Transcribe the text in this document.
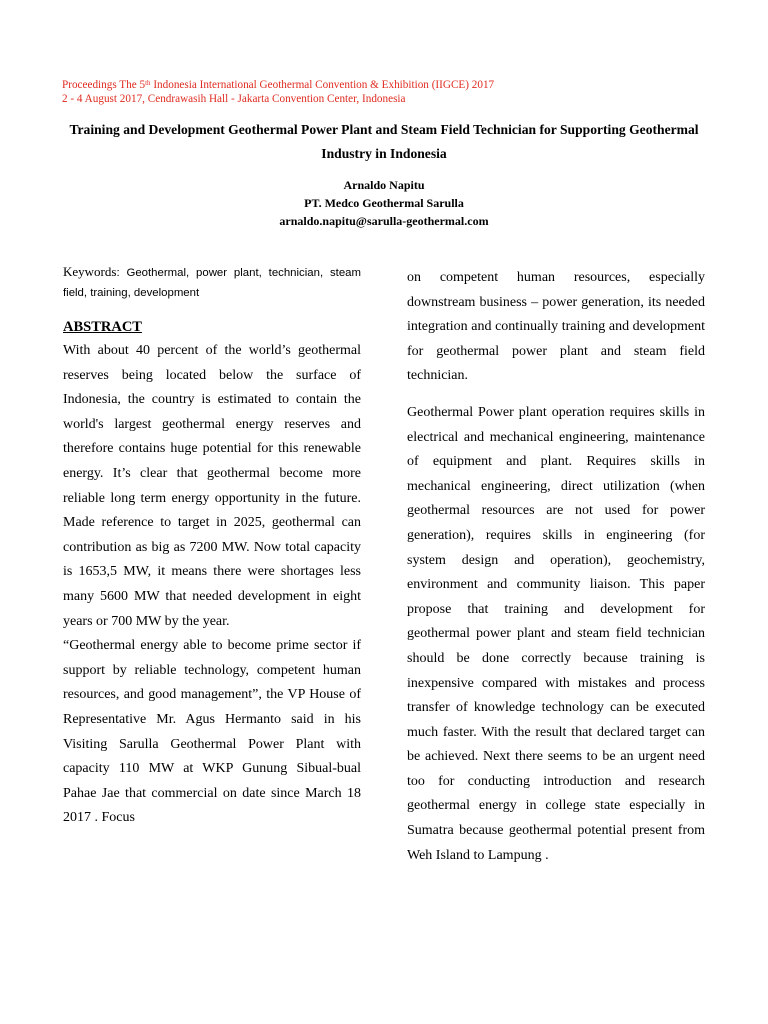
Proceedings The 5th Indonesia International Geothermal Convention & Exhibition (IIGCE) 2017
2 - 4 August 2017, Cendrawasih Hall - Jakarta Convention Center, Indonesia
Training and Development Geothermal Power Plant and Steam Field Technician for Supporting Geothermal Industry in Indonesia
Arnaldo Napitu
PT. Medco Geothermal Sarulla
arnaldo.napitu@sarulla-geothermal.com

Keywords: Geothermal, power plant, technician, steam field, training, development

ABSTRACT

With about 40 percent of the world’s geothermal reserves being located below the surface of Indonesia, the country is estimated to contain the world's largest geothermal energy reserves and therefore contains huge potential for this renewable energy. It’s clear that geothermal become more reliable long term energy opportunity in the future. Made reference to target in 2025, geothermal can contribution as big as 7200 MW. Now total capacity is 1653,5 MW, it means there were shortages less many 5600 MW that needed development in eight years or 700 MW by the year.

“Geothermal energy able to become prime sector if support by reliable technology, competent human resources, and good management”, the VP House of Representative Mr. Agus Hermanto said in his Visiting Sarulla Geothermal Power Plant with capacity 110 MW at WKP Gunung Sibual-bual Pahae Jae that commercial on date since March 18 2017 . Focus

on competent human resources, especially downstream business – power generation, its needed integration and continually training and development for geothermal power plant and steam field technician.

Geothermal Power plant operation requires skills in electrical and mechanical engineering, maintenance of equipment and plant. Requires skills in mechanical engineering, direct utilization (when geothermal resources are not used for power generation), requires skills in engineering (for system design and operation), geochemistry, environment and community liaison. This paper propose that training and development for geothermal power plant and steam field technician should be done correctly because training is inexpensive compared with mistakes and process transfer of knowledge technology can be executed much faster. With the result that declared target can be achieved. Next there seems to be an urgent need too for conducting introduction and research geothermal energy in college state especially in Sumatra because geothermal potential present from Weh Island to Lampung .
